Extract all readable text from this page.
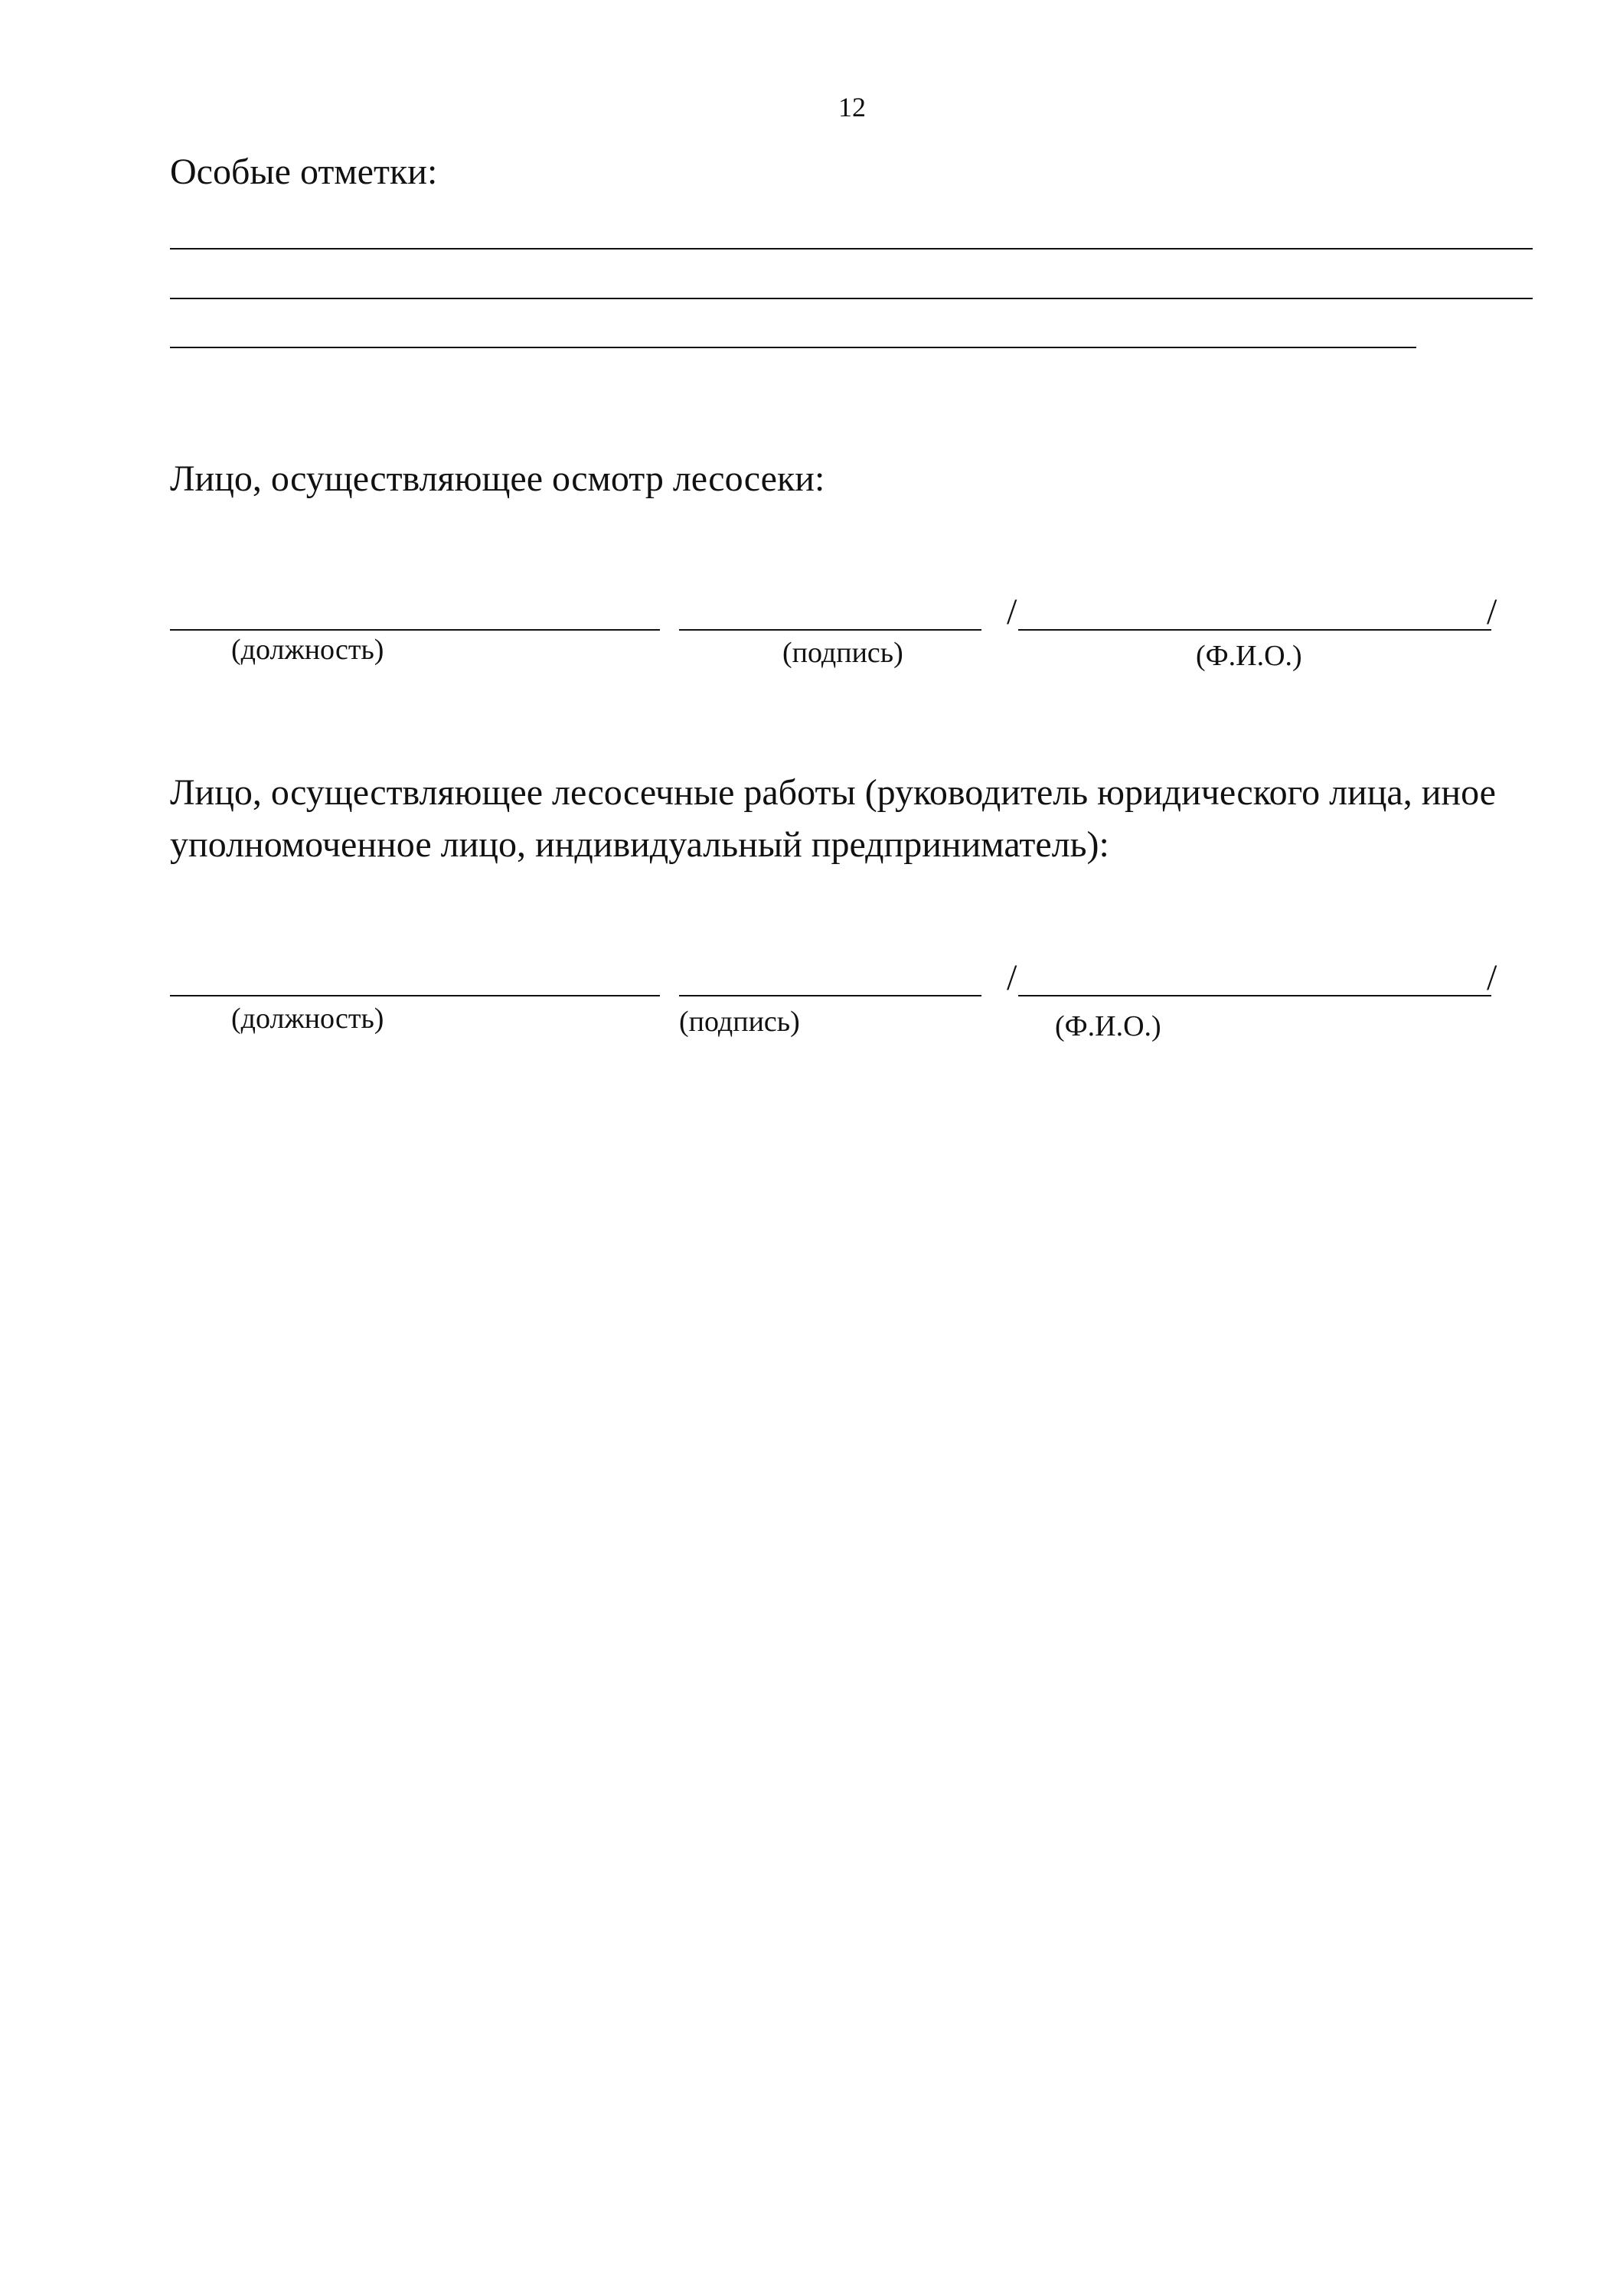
12
Особые отметки:
Лицо, осуществляющее осмотр лесосеки:
/	/
(должность)	(подпись)	(Ф.И.О.)
Лицо, осуществляющее лесосечные работы (руководитель юридического лица, иное уполномоченное лицо, индивидуальный предприниматель):
/	/
(должность)	(подпись)	(Ф.И.О.)
